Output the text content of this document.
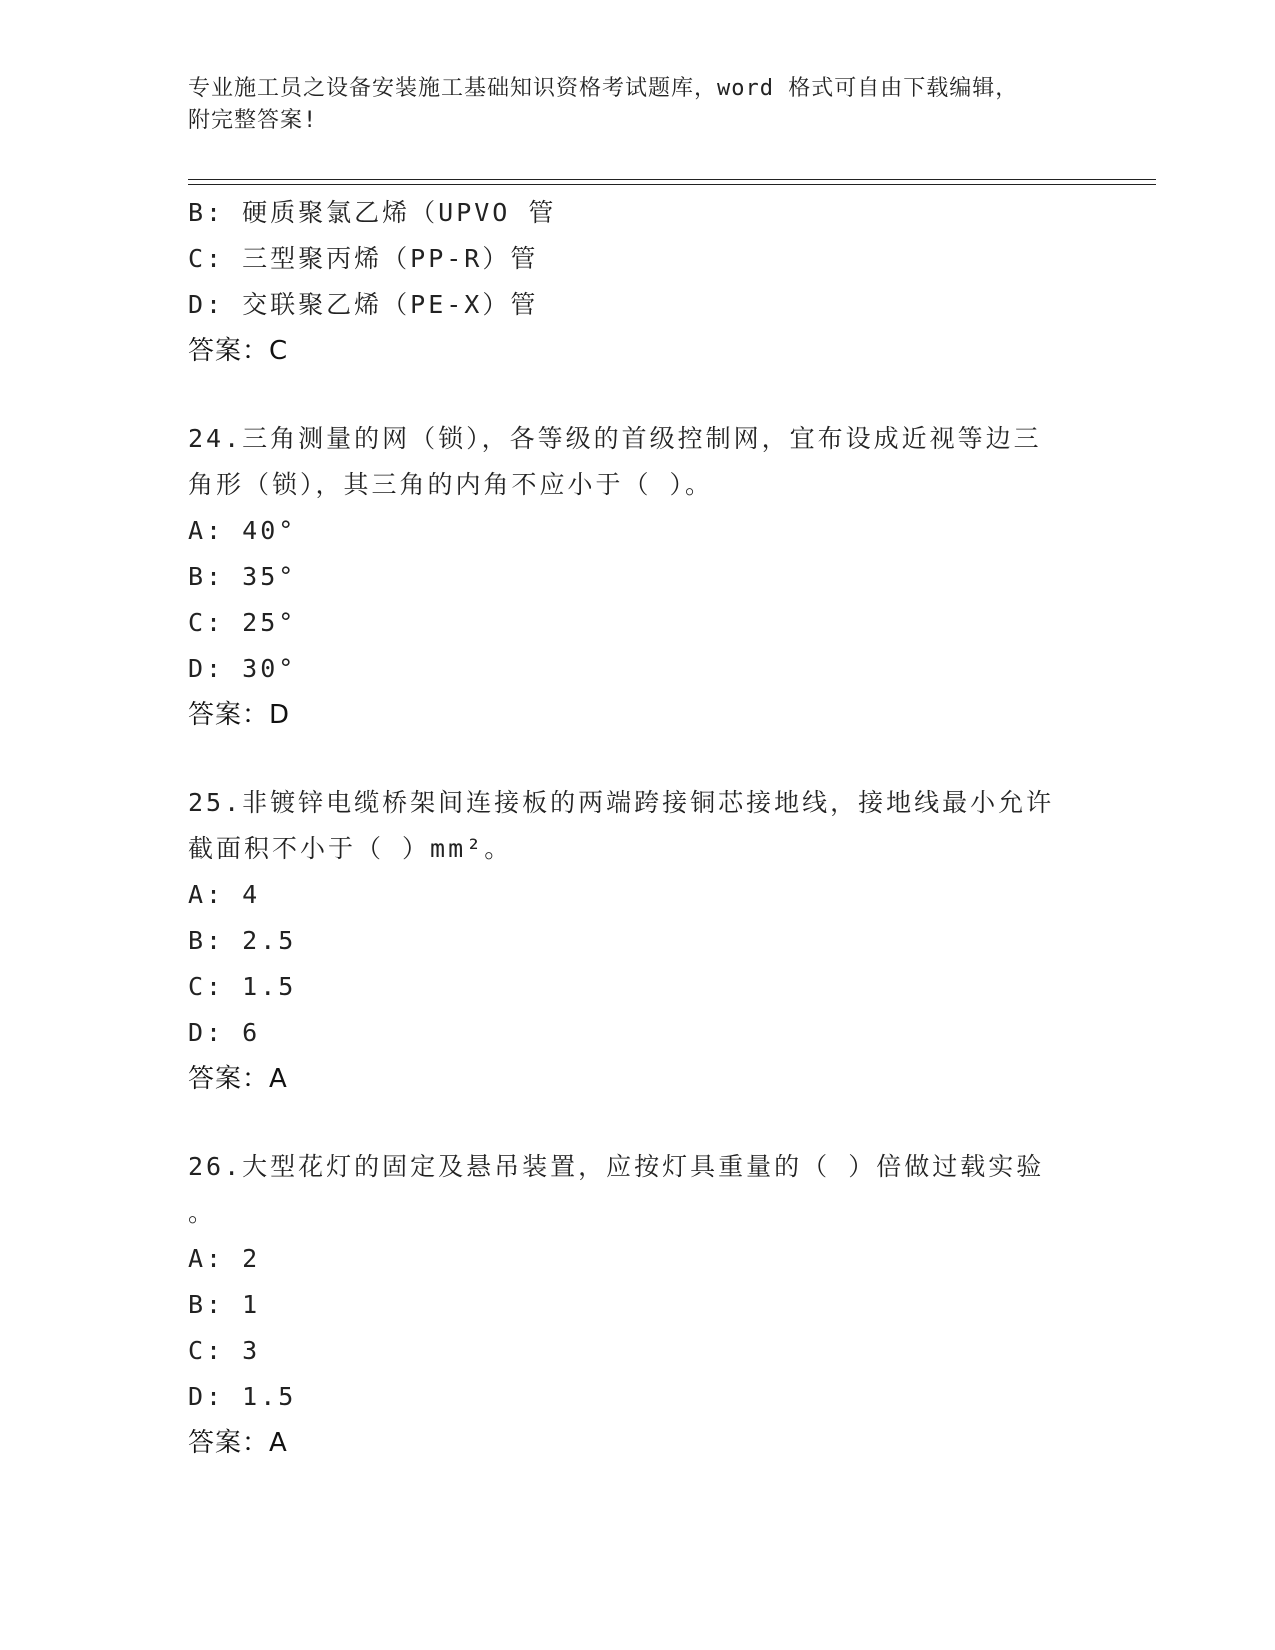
专业施工员之设备安装施工基础知识资格考试题库，word 格式可自由下载编辑，
附完整答案!
B: 硬质聚氯乙烯（UPVO 管
C: 三型聚丙烯（PP-R）管
D: 交联聚乙烯（PE-X）管
答案：C
24.三角测量的网（锁），各等级的首级控制网，宜布设成近视等边三
角形（锁），其三角的内角不应小于（ ）。
A: 40°
B: 35°
C: 25°
D: 30°
答案：D
25.非镀锌电缆桥架间连接板的两端跨接铜芯接地线，接地线最小允许
截面积不小于（ ）mm²。
A: 4
B: 2.5
C: 1.5
D: 6
答案：A
26.大型花灯的固定及悬吊装置，应按灯具重量的（ ）倍做过载实验
。
A: 2
B: 1
C: 3
D: 1.5
答案：A
